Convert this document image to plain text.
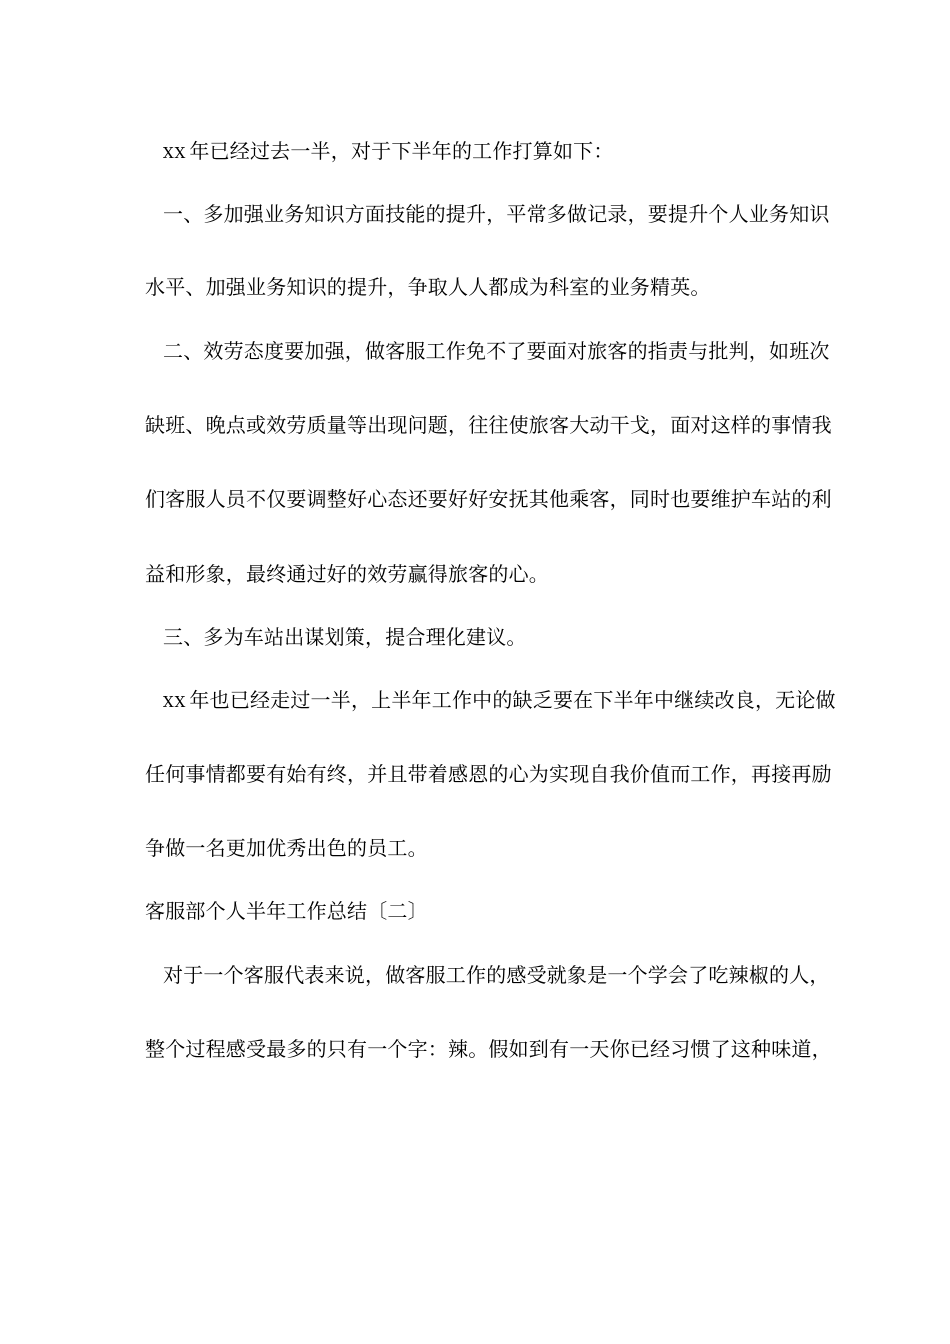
XX 年已经过去一半，对于下半年的工作打算如下：
一、多加强业务知识方面技能的提升，平常多做记录，要提升个人业务知识
水平、加强业务知识的提升，争取人人都成为科室的业务精英。
二、效劳态度要加强，做客服工作免不了要面对旅客的指责与批判，如班次
缺班、晚点或效劳质量等出现问题，往往使旅客大动干戈，面对这样的事情我
们客服人员不仅要调整好心态还要好好安抚其他乘客，同时也要维护车站的利
益和形象，最终通过好的效劳赢得旅客的心。
三、多为车站出谋划策，提合理化建议。
XX 年也已经走过一半，上半年工作中的缺乏要在下半年中继续改良，无论做
任何事情都要有始有终，并且带着感恩的心为实现自我价值而工作，再接再励
争做一名更加优秀出色的员工。
客服部个人半年工作总结〔二〕
对于一个客服代表来说，做客服工作的感受就象是一个学会了吃辣椒的人，
整个过程感受最多的只有一个字：辣。假如到有一天你已经习惯了这种味道，
